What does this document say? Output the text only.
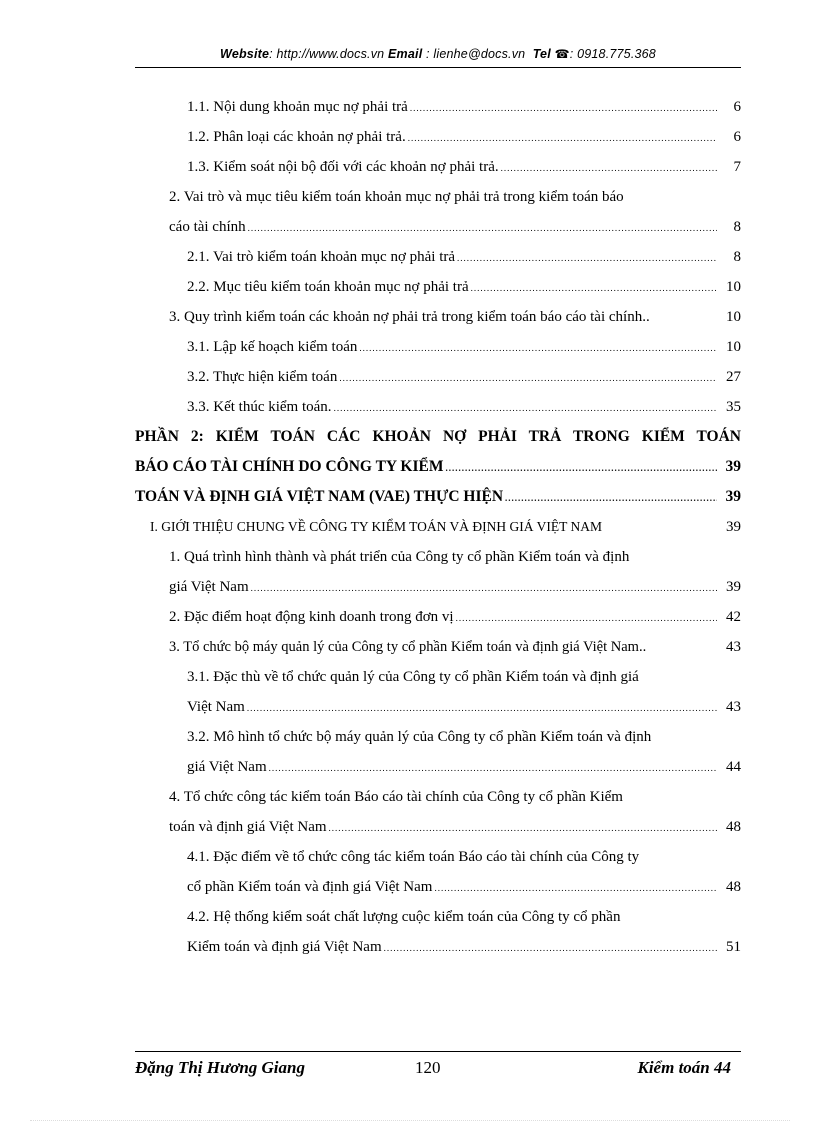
Website: http://www.docs.vn Email : lienhe@docs.vn Tel ☎: 0918.775.368
1.1. Nội dung khoản mục nợ phải trả .....	6
1.2. Phân loại các khoản nợ phải trả. .....	6
1.3. Kiểm soát nội bộ đối với các khoản nợ phải trả. .....	7
2. Vai trò và mục tiêu kiểm toán khoản mục nợ phải trả trong kiểm toán báo
cáo tài chính .....	8
2.1. Vai trò kiểm toán khoản mục nợ phải trả .....	8
2.2. Mục tiêu kiểm toán khoản mục nợ phải trả .....	10
3. Quy trình kiểm toán các khoản nợ phải trả trong kiểm toán báo cáo tài chính..	10
3.1. Lập kế hoạch kiểm toán .....	10
3.2. Thực hiện kiểm toán .....	27
3.3. Kết thúc kiểm toán. .....	35
PHẦN 2: KIỂM TOÁN CÁC KHOẢN NỢ PHẢI TRẢ TRONG KIỂM TOÁN
BÁO CÁO TÀI CHÍNH DO CÔNG TY KIỂM .....	39
TOÁN VÀ ĐỊNH GIÁ VIỆT NAM (VAE) THỰC HIỆN .....	39
I. GIỚI THIỆU CHUNG VỀ CÔNG TY KIỂM TOÁN VÀ ĐỊNH GIÁ VIỆT NAM	39
1. Quá trình hình thành và phát triển của Công ty cổ phần Kiểm toán và định
giá Việt Nam .....	39
2. Đặc điểm hoạt động kinh doanh trong đơn vị .....	42
3. Tổ chức bộ máy quản lý của Công ty cổ phần Kiểm toán và định giá Việt Nam..	43
3.1. Đặc thù về tổ chức quản lý của Công ty cổ phần Kiểm toán và định giá
Việt Nam .....	43
3.2. Mô hình tổ chức bộ máy quản lý của Công ty cổ phần Kiểm toán và định
giá Việt Nam .....	44
4. Tổ chức công tác kiểm toán Báo cáo tài chính của Công ty cổ phần Kiểm
toán và định giá Việt Nam .....	48
4.1. Đặc điểm về tổ chức công tác kiểm toán Báo cáo tài chính của Công ty
cổ phần Kiểm toán và định giá Việt Nam .....	48
4.2. Hệ thống kiểm soát chất lượng cuộc kiểm toán của Công ty cổ phần
Kiểm toán và định giá Việt Nam .....	51
Đặng Thị Hương Giang	120	Kiểm toán 44
